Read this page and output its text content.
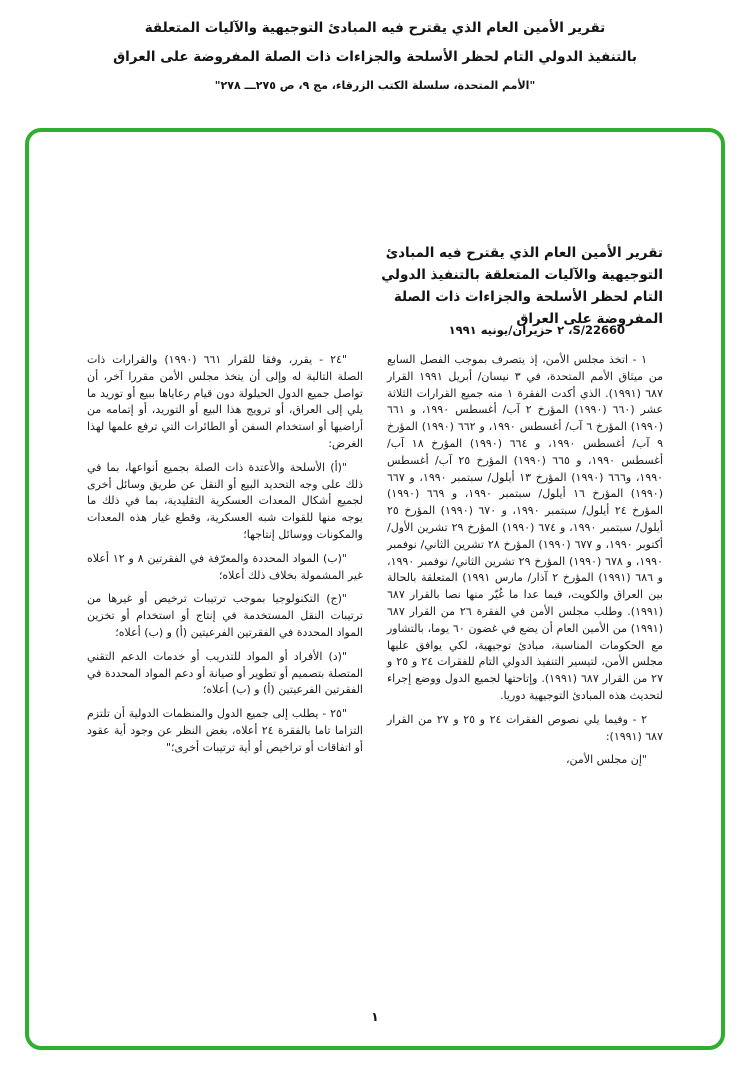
تقرير الأمين العام الذي يقترح فيه المبادئ التوجيهية والآليات المتعلقة
بالتنفيذ الدولي التام لحظر الأسلحة والجزاءات ذات الصلة المفروضة على العراق
"الأمم المتحدة، سلسلة الكتب الزرقاء، مج ٩، ص ٢٧٥ـــ ٢٧٨"
تقرير الأمين العام الذي يقترح فيه المبادئ التوجيهية والآليات المتعلقة بالتنفيذ الدولي التام لحظر الأسلحة والجزاءات ذات الصلة المفروضة على العراق
S/22660، ٢ حزيران/يونيه ١٩٩١

١ - اتخذ مجلس الأمن، إذ يتصرف بموجب الفصل السابع من ميثاق الأمم المتحدة، في ٣ نيسان/ أبريل ١٩٩١ القرار ٦٨٧ (١٩٩١). الذي أكدت الفقرة ١ منه جميع القرارات الثلاثة عشر (٦٦٠ (١٩٩٠) المؤرخ ٢ آب/ أغسطس ١٩٩٠، و ٦٦١ (١٩٩٠) المؤرخ ٦ آب/ أغسطس ١٩٩٠، و ٦٦٢ (١٩٩٠) المؤرخ ٩ آب/ أغسطس ١٩٩٠، و ٦٦٤ (١٩٩٠) المؤرخ ١٨ آب/ أغسطس ١٩٩٠، و ٦٦٥ (١٩٩٠) المؤرخ ٢٥ آب/ أغسطس ١٩٩٠، و٦٦٦ (١٩٩٠) المؤرخ ١٣ أيلول/ سبتمبر ١٩٩٠، و ٦٦٧ (١٩٩٠) المؤرخ ١٦ أيلول/ سبتمبر ١٩٩٠، و ٦٦٩ (١٩٩٠) المؤرخ ٢٤ أيلول/ سبتمبر ١٩٩٠، و ٦٧٠ (١٩٩٠) المؤرخ ٢٥ أيلول/ سبتمبر ١٩٩٠، و ٦٧٤ (١٩٩٠) المؤرخ ٢٩ تشرين الأول/ أكتوبر ١٩٩٠، و ٦٧٧ (١٩٩٠) المؤرخ ٢٨ تشرين الثاني/ نوفمبر ١٩٩٠، و ٦٧٨ (١٩٩٠) المؤرخ ٢٩ تشرين الثاني/ نوفمبر ١٩٩٠، و ٦٨٦ (١٩٩١) المؤرخ ٢ آذار/ مارس ١٩٩١) المتعلقة بالحالة بين العراق والكويت، فيما عدا ما غُيّر منها نصا بالقرار ٦٨٧ (١٩٩١). وطلب مجلس الأمن في الفقرة ٢٦ من القرار ٦٨٧ (١٩٩١) من الأمين العام أن يضع في غضون ٦٠ يوما، بالتشاور مع الحكومات المناسبة، مبادئ توجيهية، لكي يوافق عليها مجلس الأمن، لتيسير التنفيذ الدولي التام للفقرات ٢٤ و ٢٥ و ٢٧ من القرار ٦٨٧ (١٩٩١). وإتاحتها لجميع الدول ووضع إجراء لتحديث هذه المبادئ التوجيهية دوريا.

٢ - وفيما يلي نصوص الفقرات ٢٤ و ٢٥ و ٢٧ من القرار ٦٨٧ (١٩٩١):

"إن مجلس الأمن،

"٢٤ - يقرر، وفقا للقرار ٦٦١ (١٩٩٠) والقرارات ذات الصلة التالية له وإلى أن يتخذ مجلس الأمن مقررا آخر، أن تواصل جميع الدول الحيلولة دون قيام رعاياها ببيع أو توريد ما يلي إلى العراق، أو ترويج هذا البيع أو التوريد، أو إتمامه من أراضيها أو استخدام السفن أو الطائرات التي ترفع علمها لهذا الغرض:

"(أ) الأسلحة والأعتدة ذات الصلة بجميع أنواعها، بما في ذلك على وجه التحديد البيع أو النقل عن طريق وسائل أخرى لجميع أشكال المعدات العسكرية التقليدية، بما في ذلك ما يوجه منها للقوات شبه العسكرية، وقطع غيار هذه المعدات والمكونات ووسائل إنتاجها؛

"(ب) المواد المحددة والمعرّفة في الفقرتين ٨ و ١٢ أعلاه غير المشمولة بخلاف ذلك أعلاه؛

"(ج) التكنولوجيا بموجب ترتيبات ترخيص أو غيرها من ترتيبات النقل المستخدمة في إنتاج أو استخدام أو تخزين المواد المحددة في الفقرتين الفرعيتين (أ) و (ب) أعلاه؛

"(د) الأفراد أو المواد للتدريب أو خدمات الدعم التقني المتصلة بتصميم أو تطوير أو صيانة أو دعم المواد المحددة في الفقرتين الفرعيتين (أ) و (ب) أعلاه؛

"٢٥ - يطلب إلى جميع الدول والمنظمات الدولية أن تلتزم التزاما تاما بالفقرة ٢٤ أعلاه، بغض النظر عن وجود أية عقود أو اتفاقات أو تراخيص أو أية ترتيبات أخرى؛"

١
